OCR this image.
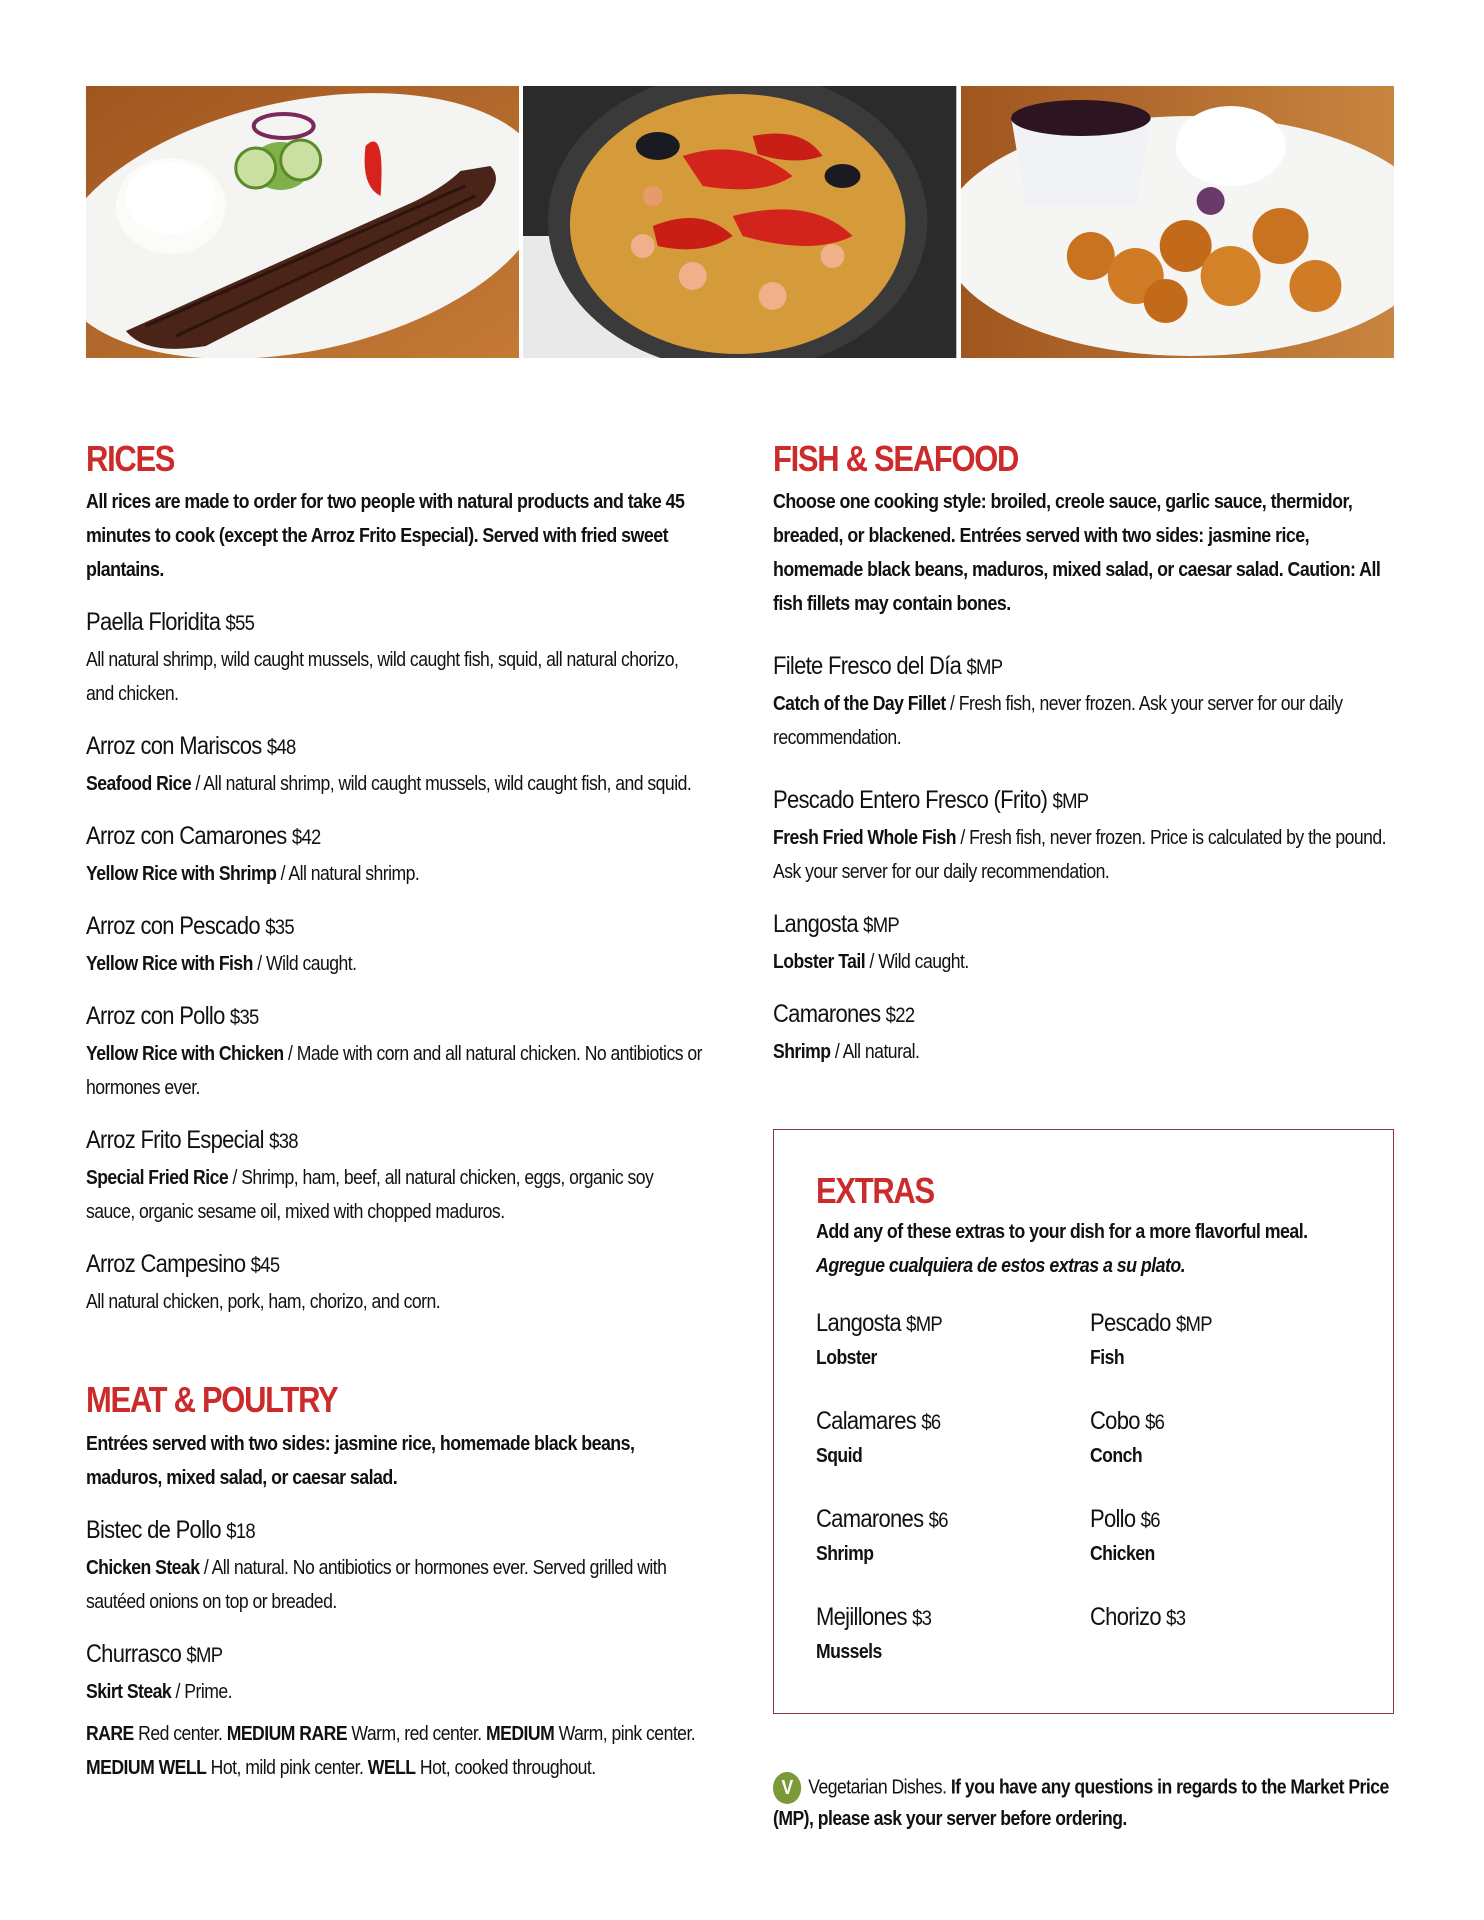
RICES

All rices are made to order for two people with natural products and take 45 minutes to cook (except the Arroz Frito Especial). Served with fried sweet plantains.

Paella Floridita $55
All natural shrimp, wild caught mussels, wild caught fish, squid, all natural chorizo, and chicken.
Arroz con Mariscos $48
Seafood Rice / All natural shrimp, wild caught mussels, wild caught fish, and squid.
Arroz con Camarones $42
Yellow Rice with Shrimp / All natural shrimp.
Arroz con Pescado $35
Yellow Rice with Fish / Wild caught.
Arroz con Pollo $35
Yellow Rice with Chicken / Made with corn and all natural chicken. No antibiotics or hormones ever.
Arroz Frito Especial $38
Special Fried Rice / Shrimp, ham, beef, all natural chicken, eggs, organic soy sauce, organic sesame oil, mixed with chopped maduros.
Arroz Campesino $45
All natural chicken, pork, ham, chorizo, and corn.
MEAT & POULTRY

Entrées served with two sides: jasmine rice, homemade black beans, maduros, mixed salad, or caesar salad.

Bistec de Pollo $18
Chicken Steak / All natural. No antibiotics or hormones ever. Served grilled with sautéed onions on top or breaded.
Churrasco $MP
Skirt Steak / Prime.
RARE Red center. MEDIUM RARE Warm, red center. MEDIUM Warm, pink center. MEDIUM WELL Hot, mild pink center. WELL Hot, cooked throughout.
FISH & SEAFOOD

Choose one cooking style: broiled, creole sauce, garlic sauce, thermidor, breaded, or blackened. Entrées served with two sides: jasmine rice, homemade black beans, maduros, mixed salad, or caesar salad. Caution: All fish fillets may contain bones.

Filete Fresco del Día $MP
Catch of the Day Fillet / Fresh fish, never frozen. Ask your server for our daily recommendation.
Pescado Entero Fresco (Frito) $MP
Fresh Fried Whole Fish / Fresh fish, never frozen. Price is calculated by the pound. Ask your server for our daily recommendation.
Langosta $MP
Lobster Tail / Wild caught.
Camarones $22
Shrimp / All natural.
EXTRAS

Add any of these extras to your dish for a more flavorful meal.
Agregue cualquiera de estos extras a su plato.

Langosta $MP
Lobster
Pescado $MP
Fish
Calamares $6
Squid
Cobo $6
Conch
Camarones $6
Shrimp
Pollo $6
Chicken
Mejillones $3
Mussels
Chorizo $3
V Vegetarian Dishes. If you have any questions in regards to the Market Price (MP), please ask your server before ordering.
